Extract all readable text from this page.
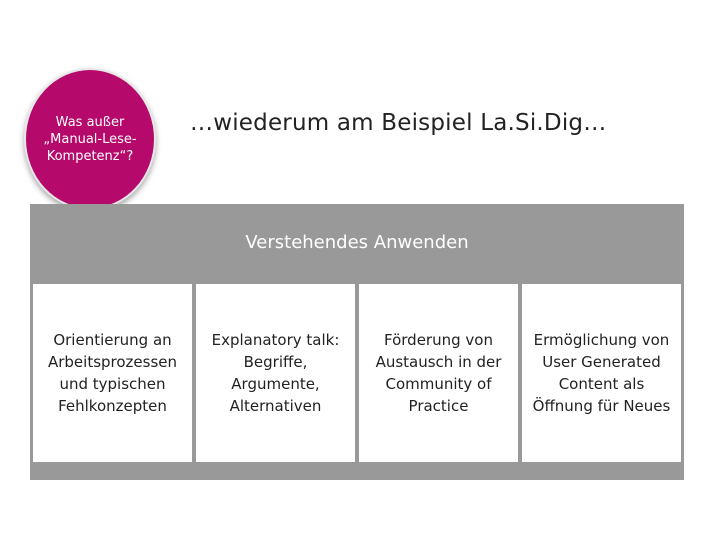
Was außer
„Manual-Lese-
Kompetenz“?
…wiederum am Beispiel La.Si.Dig…
Verstehendes Anwenden
Orientierung an
Arbeitsprozessen
und typischen
Fehlkonzepten
Explanatory talk:
Begriffe,
Argumente,
Alternativen
Förderung von
Austausch in der
Community of
Practice
Ermöglichung von
User Generated
Content als
Öffnung für Neues
